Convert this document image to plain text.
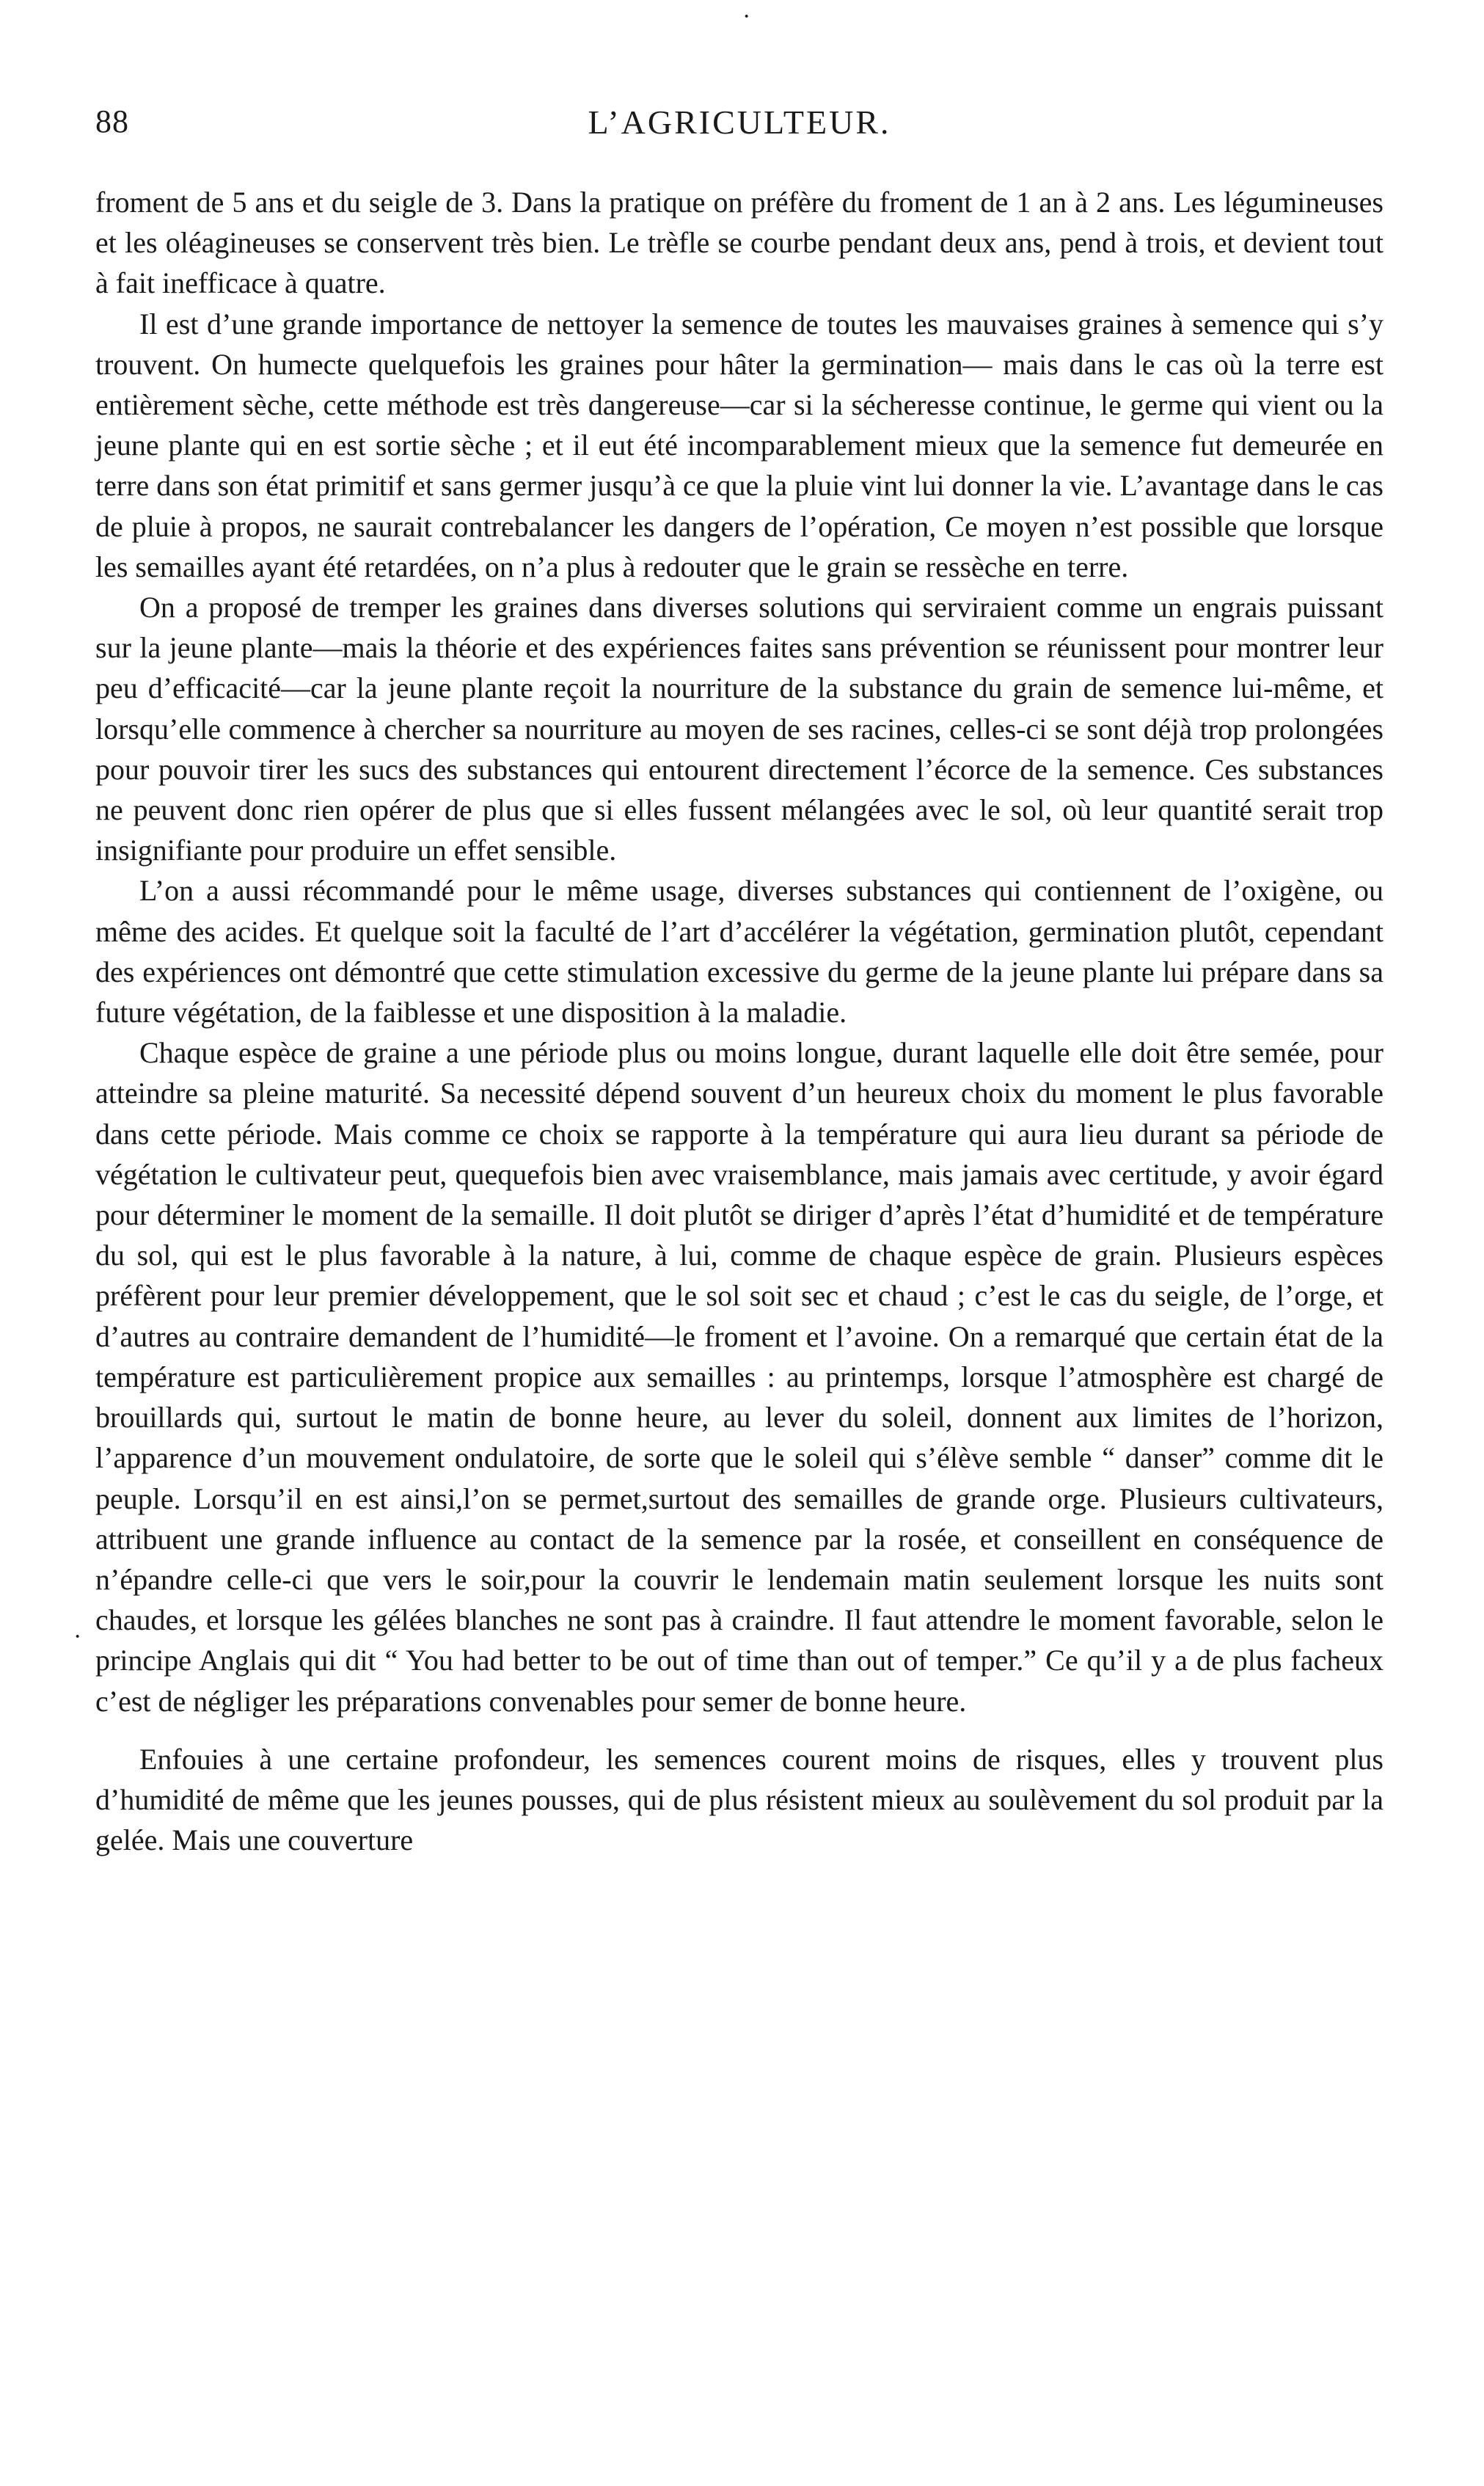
·
88	L’AGRICULTEUR.

froment de 5 ans et du seigle de 3. Dans la pratique on préfère du froment de 1 an à 2 ans. Les légumineuses et les oléagineuses se conservent très bien. Le trèfle se courbe pendant deux ans, pend à trois, et devient tout à fait inefficace à quatre.

Il est d’une grande importance de nettoyer la semence de toutes les mauvaises graines à semence qui s’y trouvent. On humecte quelquefois les graines pour hâter la germination— mais dans le cas où la terre est entièrement sèche, cette méthode est très dangereuse—car si la sécheresse continue, le germe qui vient ou la jeune plante qui en est sortie sèche ; et il eut été incomparablement mieux que la semence fut demeurée en terre dans son état primitif et sans germer jusqu’à ce que la pluie vint lui donner la vie. L’avantage dans le cas de pluie à propos, ne saurait contrebalancer les dangers de l’opération, Ce moyen n’est possible que lorsque les semailles ayant été retardées, on n’a plus à redouter que le grain se ressèche en terre.

On a proposé de tremper les graines dans diverses solutions qui serviraient comme un engrais puissant sur la jeune plante—mais la théorie et des expériences faites sans prévention se réunissent pour montrer leur peu d’efficacité—car la jeune plante reçoit la nourriture de la substance du grain de semence lui-même, et lorsqu’elle commence à chercher sa nourriture au moyen de ses racines, celles-ci se sont déjà trop prolongées pour pouvoir tirer les sucs des substances qui entourent directement l’écorce de la semence. Ces substances ne peuvent donc rien opérer de plus que si elles fussent mélangées avec le sol, où leur quantité serait trop insignifiante pour produire un effet sensible.

L’on a aussi récommandé pour le même usage, diverses substances qui contiennent de l’oxigène, ou même des acides. Et quelque soit la faculté de l’art d’accélérer la végétation, germination plutôt, cependant des expériences ont démontré que cette stimulation excessive du germe de la jeune plante lui prépare dans sa future végétation, de la faiblesse et une disposition à la maladie.

Chaque espèce de graine a une période plus ou moins longue, durant laquelle elle doit être semée, pour atteindre sa pleine maturité. Sa necessité dépend souvent d’un heureux choix du moment le plus favorable dans cette période. Mais comme ce choix se rapporte à la température qui aura lieu durant sa période de végétation le cultivateur peut, quequefois bien avec vraisemblance, mais jamais avec certitude, y avoir égard pour déterminer le moment de la semaille. Il doit plutôt se diriger d’après l’état d’humidité et de température du sol, qui est le plus favorable à la nature, à lui, comme de chaque espèce de grain. Plusieurs espèces préfèrent pour leur premier développement, que le sol soit sec et chaud ; c’est le cas du seigle, de l’orge, et d’autres au contraire demandent de l’humidité—le froment et l’avoine. On a remarqué que certain état de la température est particulièrement propice aux semailles : au printemps, lorsque l’atmosphère est chargé de brouillards qui, surtout le matin de bonne heure, au lever du soleil, donnent aux limites de l’horizon, l’apparence d’un mouvement ondulatoire, de sorte que le soleil qui s’élève semble “ danser” comme dit le peuple. Lorsqu’il en est ainsi,l’on se permet,surtout des semailles de grande orge. Plusieurs cultivateurs, attribuent une grande influence au contact de la semence par la rosée, et conseillent en conséquence de n’épandre celle-ci que vers le soir,pour la couvrir le lendemain matin seulement lorsque les nuits sont chaudes, et lorsque les gélées blanches ne sont pas à craindre. Il faut attendre le moment favorable, selon le principe Anglais qui dit “ You had better to be out of time than out of temper.” Ce qu’il y a de plus facheux c’est de négliger les préparations convenables pour semer de bonne heure.

Enfouies à une certaine profondeur, les semences courent moins de risques, elles y trouvent plus d’humidité de même que les jeunes pousses, qui de plus résistent mieux au soulèvement du sol produit par la gelée. Mais une couverture

·
